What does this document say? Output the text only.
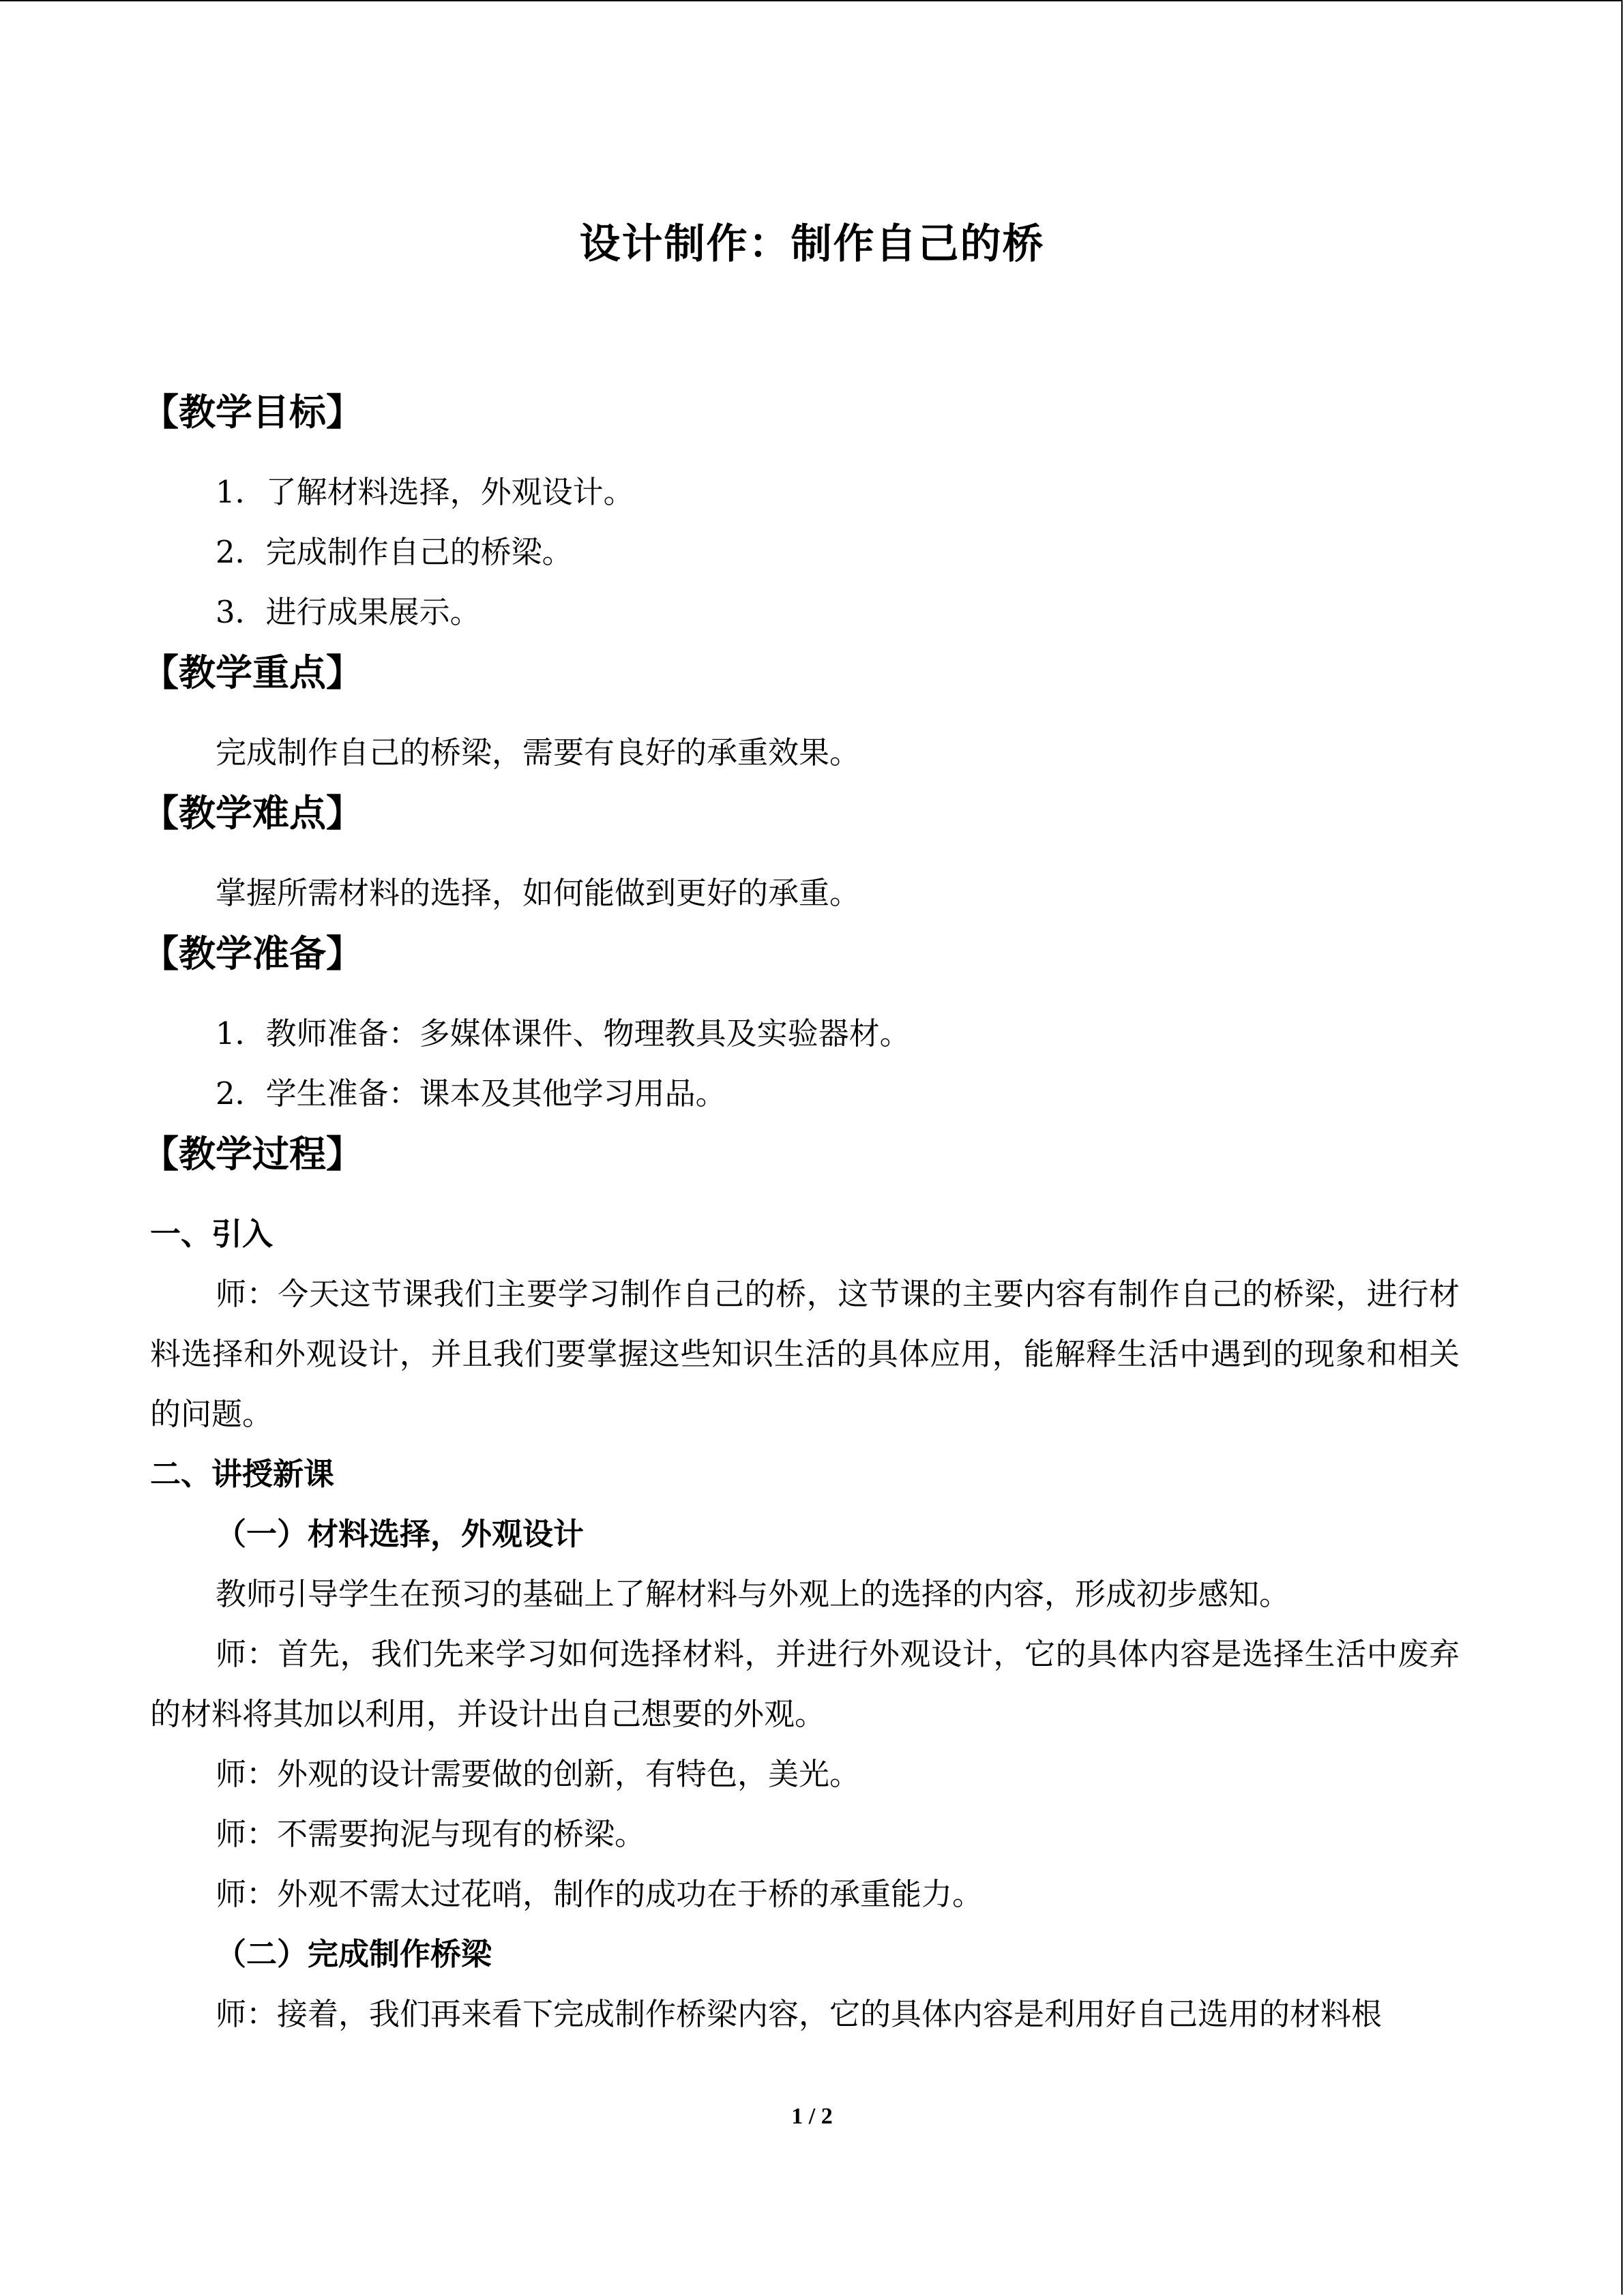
设计制作：制作自己的桥
【教学目标】
1．了解材料选择，外观设计。
2．完成制作自己的桥梁。
3．进行成果展示。
【教学重点】
完成制作自己的桥梁，需要有良好的承重效果。
【教学难点】
掌握所需材料的选择，如何能做到更好的承重。
【教学准备】
1．教师准备：多媒体课件、物理教具及实验器材。
2．学生准备：课本及其他学习用品。
【教学过程】
一、引入
师：今天这节课我们主要学习制作自己的桥，这节课的主要内容有制作自己的桥梁，进行材料选择和外观设计，并且我们要掌握这些知识生活的具体应用，能解释生活中遇到的现象和相关的问题。
二、讲授新课
（一）材料选择，外观设计
教师引导学生在预习的基础上了解材料与外观上的选择的内容，形成初步感知。
师：首先，我们先来学习如何选择材料，并进行外观设计，它的具体内容是选择生活中废弃的材料将其加以利用，并设计出自己想要的外观。
师：外观的设计需要做的创新，有特色，美光。
师：不需要拘泥与现有的桥梁。
师：外观不需太过花哨，制作的成功在于桥的承重能力。
（二）完成制作桥梁
师：接着，我们再来看下完成制作桥梁内容，它的具体内容是利用好自己选用的材料根
1 / 2
